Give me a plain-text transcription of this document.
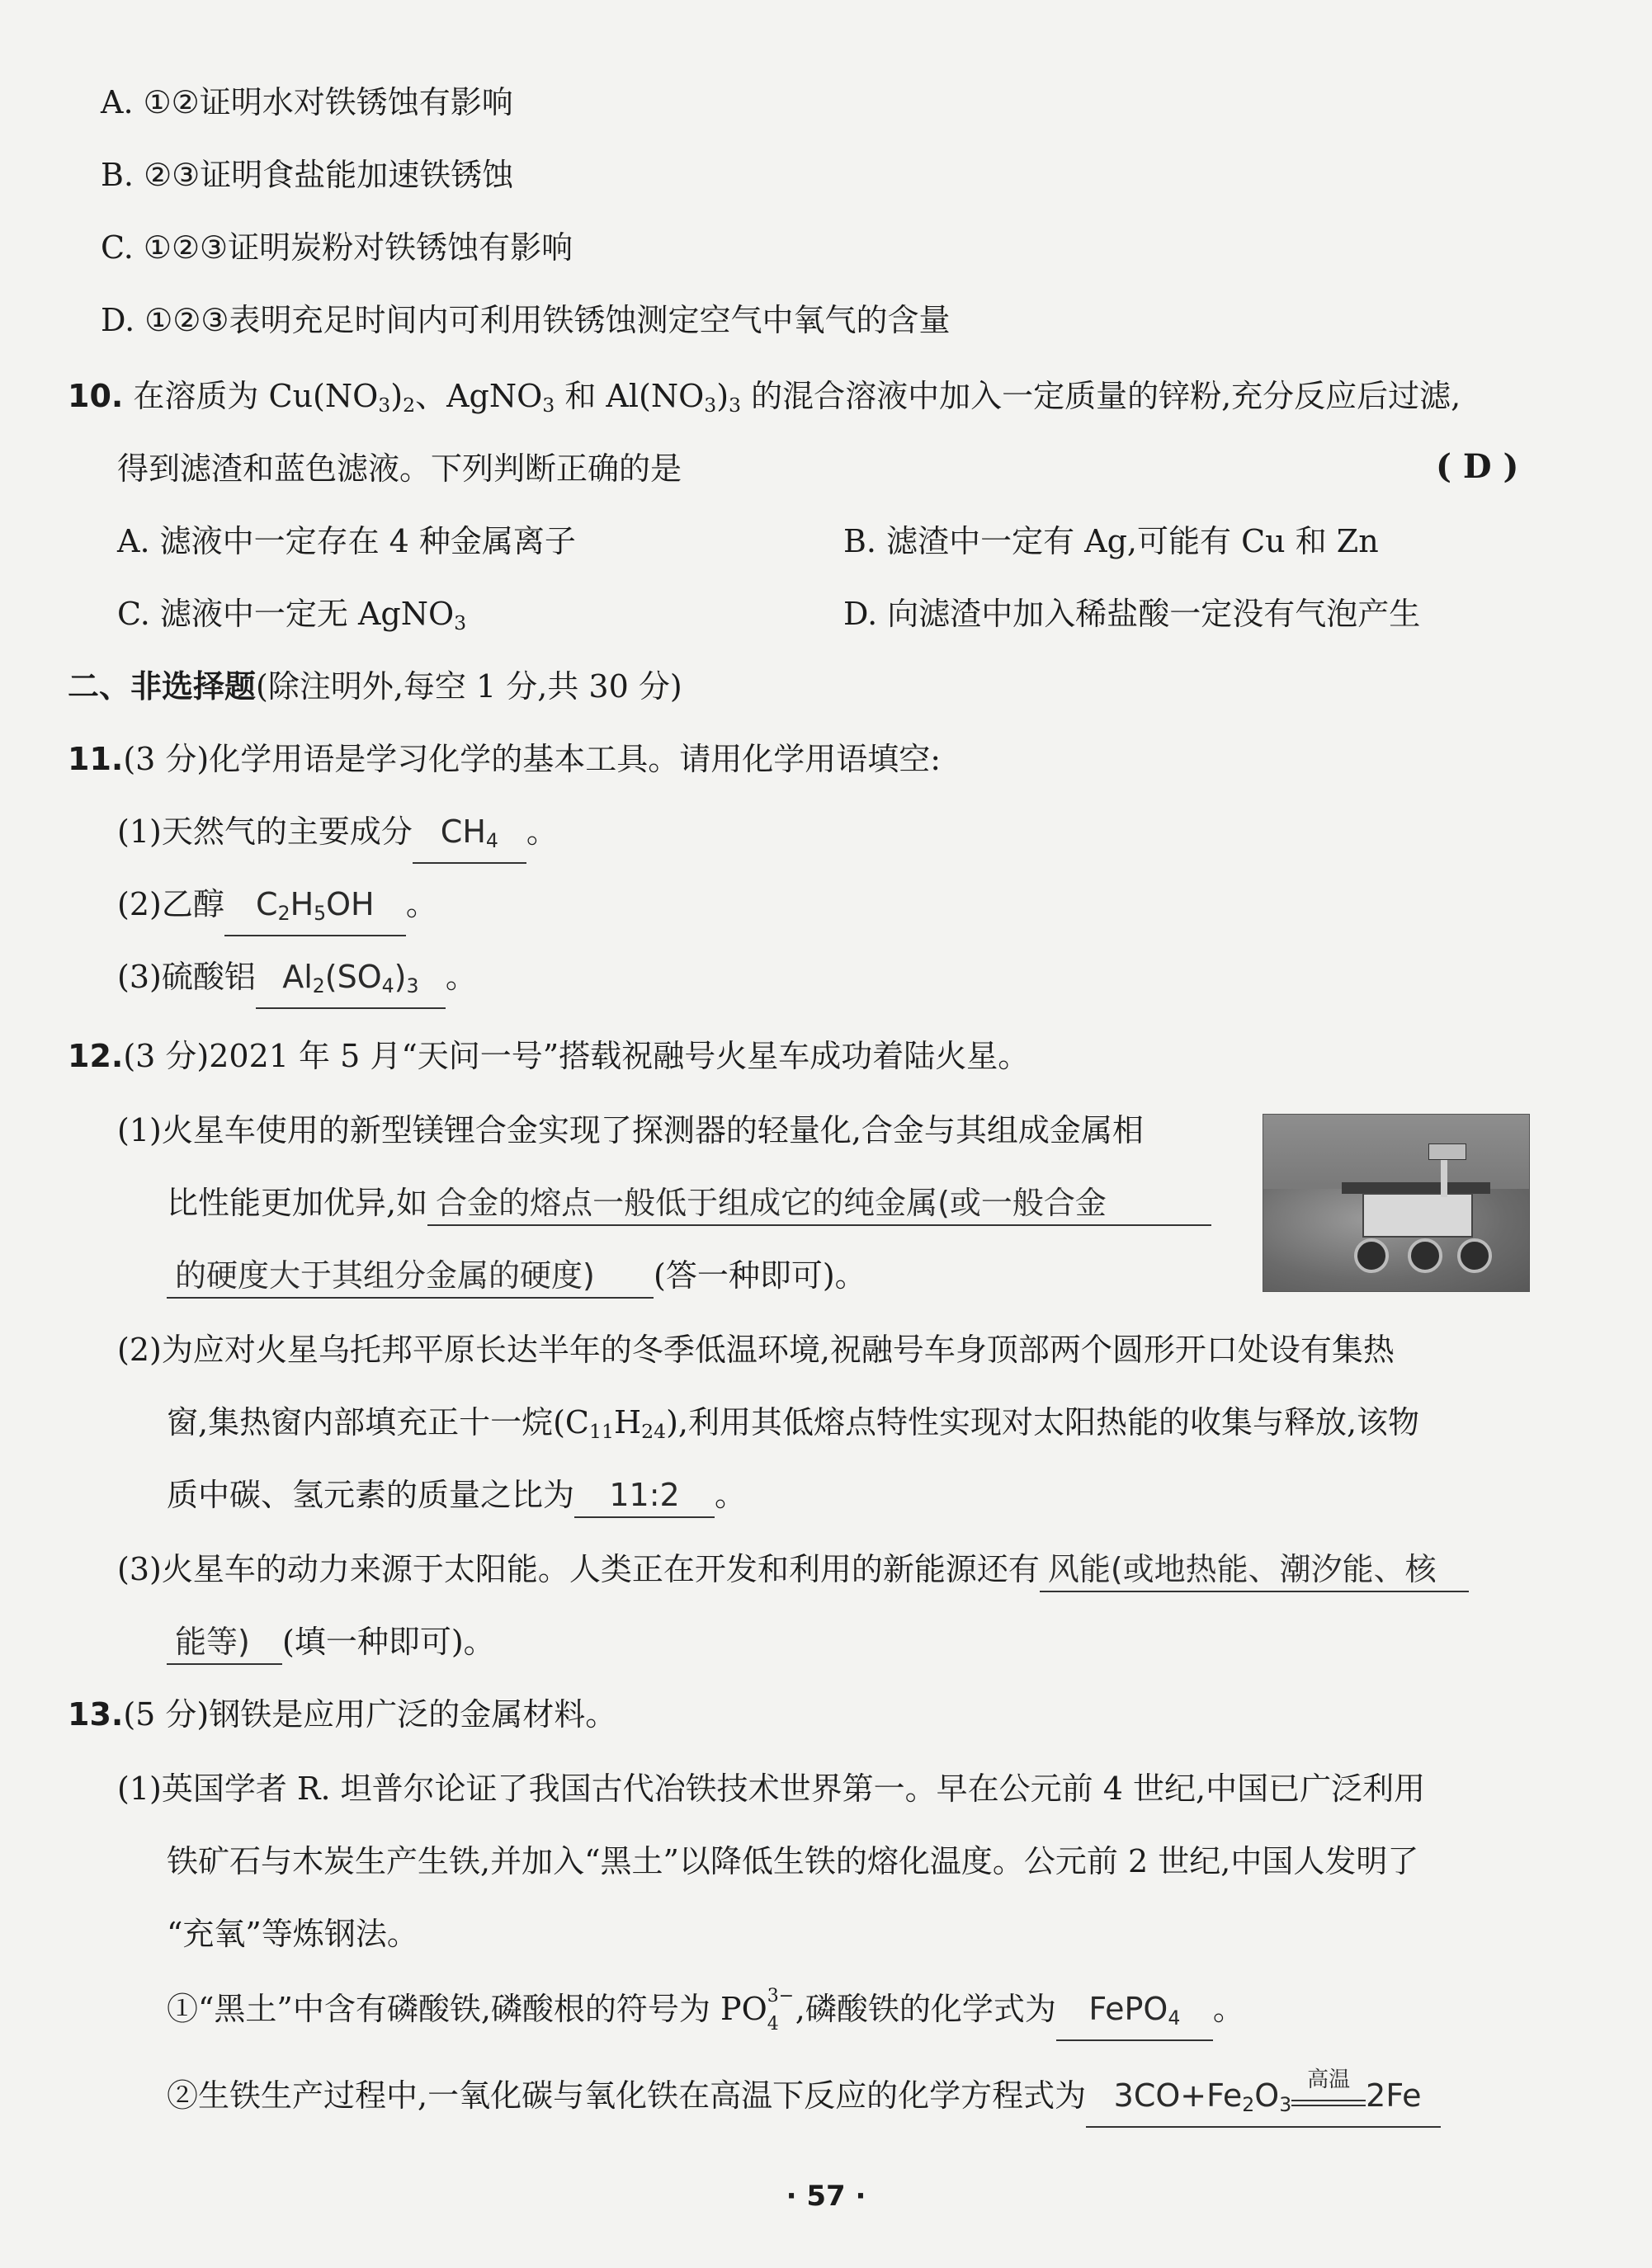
A. ①②证明水对铁锈蚀有影响
B. ②③证明食盐能加速铁锈蚀
C. ①②③证明炭粉对铁锈蚀有影响
D. ①②③表明充足时间内可利用铁锈蚀测定空气中氧气的含量
10. 在溶质为 $Cu(NO_3)_2$、AgNO$_3$ 和 $Al(NO_3)_3$ 的混合溶液中加入一定质量的锌粉,充分反应后过滤,
得到滤渣和蓝色滤液。下列判断正确的是	( D )
A. 滤液中一定存在 4 种金属离子	B. 滤渣中一定有 Ag,可能有 Cu 和 Zn
C. 滤液中一定无 AgNO$_3$	D. 向滤渣中加入稀盐酸一定没有气泡产生
二、非选择题(除注明外,每空 1 分,共 30 分)
11.(3 分)化学用语是学习化学的基本工具。请用化学用语填空:
(1)天然气的主要成分 $CH_4$ 。
(2)乙醇 $C_2H_5OH$ 。
(3)硫酸铝 $Al_2(SO_4)_3$ 。
12.(3 分)2021 年 5 月“天问一号”搭载祝融号火星车成功着陆火星。
(1)火星车使用的新型镁锂合金实现了探测器的轻量化,合金与其组成金属相
比性能更加优异,如 合金的熔点一般低于组成它的纯金属(或一般合金
的硬度大于其组分金属的硬度) (答一种即可)。
(2)为应对火星乌托邦平原长达半年的冬季低温环境,祝融号车身顶部两个圆形开口处设有集热
窗,集热窗内部填充正十一烷$(C_{11}H_{24})$,利用其低熔点特性实现对太阳热能的收集与释放,该物
质中碳、氢元素的质量之比为 11:2 。
(3)火星车的动力来源于太阳能。人类正在开发和利用的新能源还有 风能(或地热能、潮汐能、核
能等) (填一种即可)。
13.(5 分)钢铁是应用广泛的金属材料。
(1)英国学者 R. 坦普尔论证了我国古代冶铁技术世界第一。早在公元前 4 世纪,中国已广泛利用
铁矿石与木炭生产生铁,并加入“黑土”以降低生铁的熔化温度。公元前 2 世纪,中国人发明了
“充氧”等炼钢法。
①“黑土”中含有磷酸铁,磷酸根的符号为 PO 3−
4 ,磷酸铁的化学式为 FePO$_4$ 。
②生铁生产过程中,一氧化碳与氧化铁在高温下反应的化学方程式为 $3CO+Fe_2O_3$
高温 2Fe
· 57 ·
